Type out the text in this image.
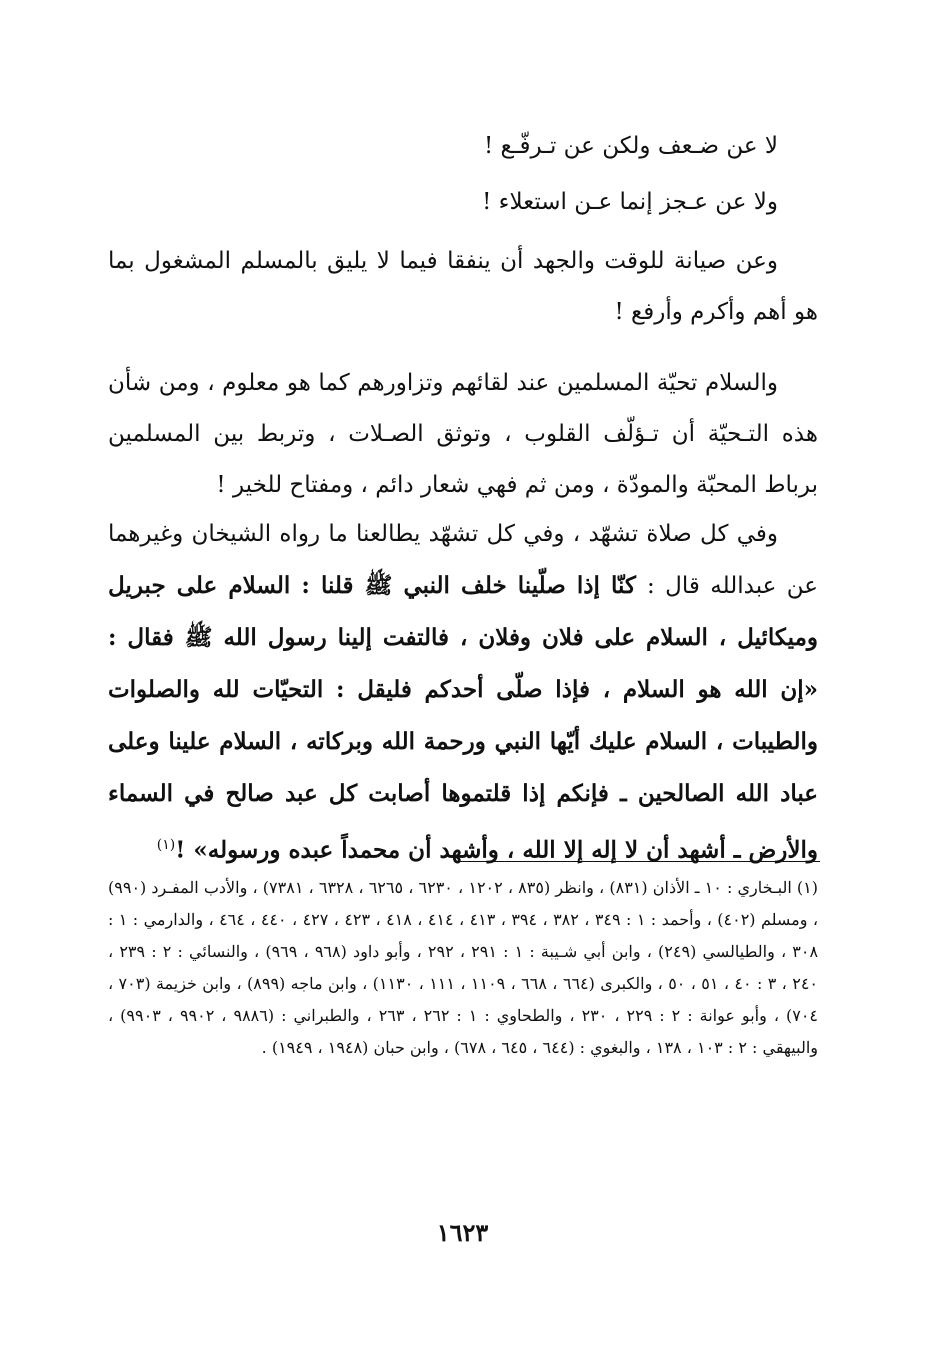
لا عن ضـعف ولكن عن تـرفّـع !

ولا عن عـجز إنما عـن استعلاء !

وعن صيانة للوقت والجهد أن ينفقا فيما لا يليق بالمسلم المشغول بما هو أهم وأكرم وأرفع !

والسلام تحيّة المسلمين عند لقائهم وتزاورهم كما هو معلوم ، ومن شأن هذه التـحيّة أن تـؤلّف القلوب ، وتوثق الصـلات ، وتربط بين المسلمين برباط المحبّة والمودّة ، ومن ثم فهي شعار دائم ، ومفتاح للخير !

وفي كل صلاة تشهّد ، وفي كل تشهّد يطالعنا ما رواه الشيخان وغيرهما عن عبدالله قال : كنّا إذا صلّينا خلف النبي ﷺ قلنا : السلام على جبريل وميكائيل ، السلام على فلان وفلان ، فالتفت إلينا رسول الله ﷺ فقال : «إن الله هو السلام ، فإذا صلّى أحدكم فليقل : التحيّات لله والصلوات والطيبات ، السلام عليك أيّها النبي ورحمة الله وبركاته ، السلام علينا وعلى عباد الله الصالحين ـ فإنكم إذا قلتموها أصابت كل عبد صالح في السماء والأرض ـ أشهد أن لا إله إلا الله ، وأشهد أن محمداً عبده ورسوله» !$^{(١)}$

(١) البـخاري : ١٠ ـ الأذان (٨٣١) ، وانظر (٨٣٥ ، ١٢٠٢ ، ٦٢٣٠ ، ٦٢٦٥ ، ٦٣٢٨ ، ٧٣٨١) ، والأدب المفـرد (٩٩٠) ، ومسلم (٤٠٢) ، وأحمد : ١ : ٣٤٩ ، ٣٨٢ ، ٣٩٤ ، ٤١٣ ، ٤١٤ ، ٤١٨ ، ٤٢٣ ، ٤٢٧ ، ٤٤٠ ، ٤٦٤ ، والدارمي : ١ : ٣٠٨ ، والطيالسي (٢٤٩) ، وابن أبي شـيبة : ١ : ٢٩١ ، ٢٩٢ ، وأبو داود (٩٦٨ ، ٩٦٩) ، والنسائي : ٢ : ٢٣٩ ، ٢٤٠ ، ٣ : ٤٠ ، ٥١ ، ٥٠ ، والكبرى (٦٦٤ ، ٦٦٨ ، ١١٠٩ ، ١١١ ، ١١٣٠) ، وابن ماجه (٨٩٩) ، وابن خزيمة (٧٠٣ ، ٧٠٤) ، وأبو عوانة : ٢ : ٢٢٩ ، ٢٣٠ ، والطحاوي : ١ : ٢٦٢ ، ٢٦٣ ، والطبراني : (٩٨٨٦ ، ٩٩٠٢ ، ٩٩٠٣) ، والبيهقي : ٢ : ١٠٣ ، ١٣٨ ، والبغوي : (٦٤٤ ، ٦٤٥ ، ٦٧٨) ، وابن حبان (١٩٤٨ ، ١٩٤٩) .

١٦٢٣
